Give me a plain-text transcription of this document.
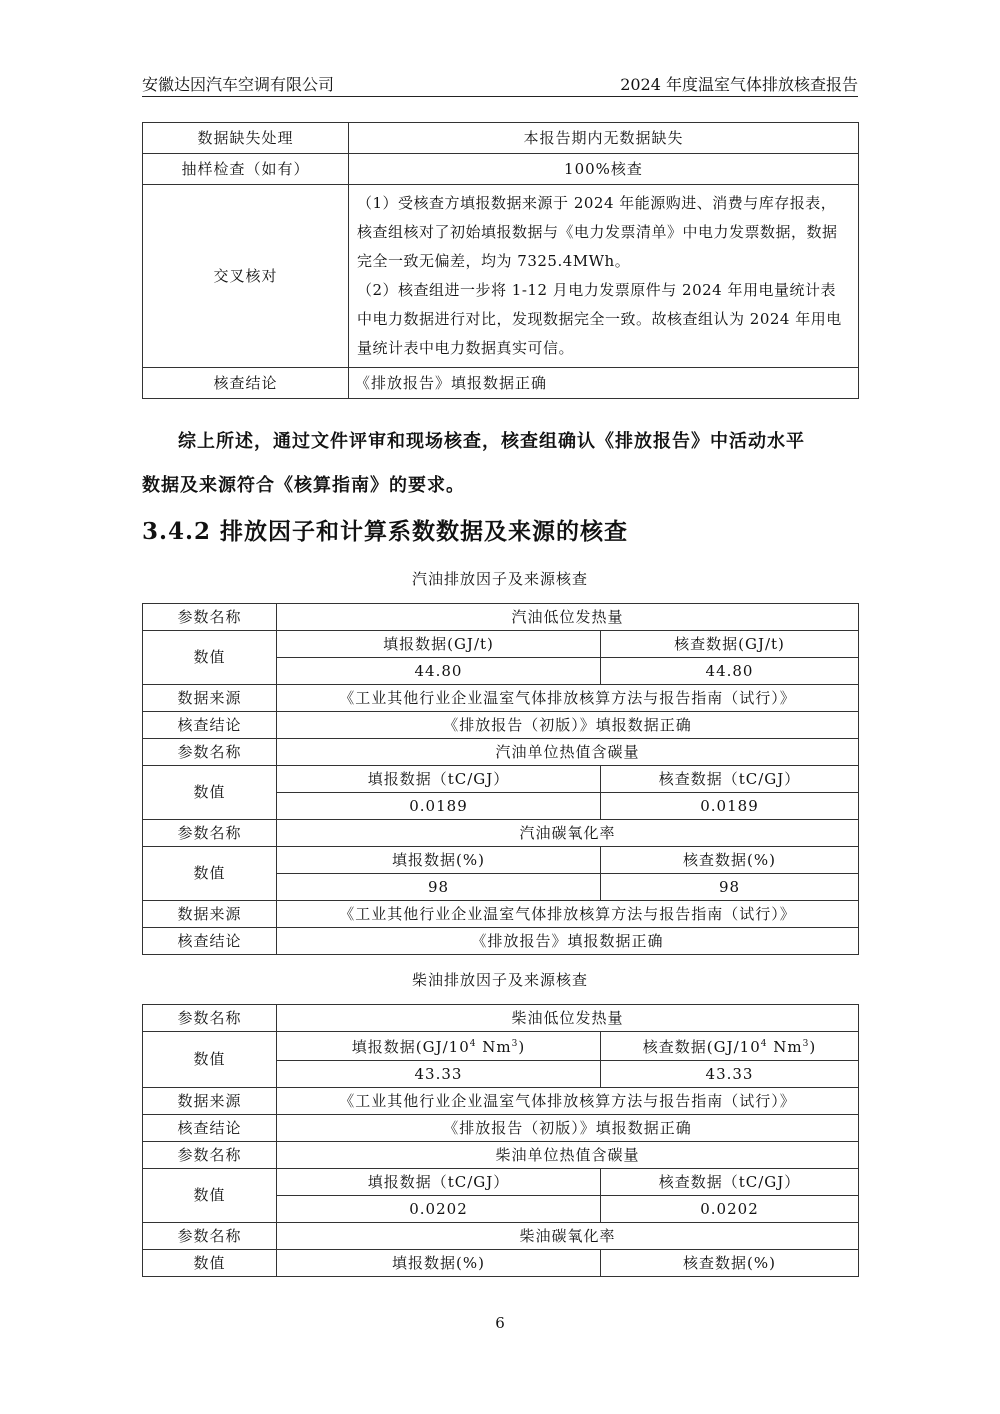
安徽达因汽车空调有限公司	2024 年度温室气体排放核查报告
数据缺失处理	本报告期内无数据缺失
抽样检查（如有）	100%核查
交叉核对	（1）受核查方填报数据来源于 2024 年能源购进、消费与库存报表，核查组核对了初始填报数据与《电力发票清单》中电力发票数据，数据完全一致无偏差，均为 7325.4MWh。
（2）核查组进一步将 1-12 月电力发票原件与 2024 年用电量统计表中电力数据进行对比，发现数据完全一致。故核查组认为 2024 年用电量统计表中电力数据真实可信。

核查结论	《排放报告》填报数据正确
综上所述，通过文件评审和现场核查，核查组确认《排放报告》中活动水平
数据及来源符合《核算指南》的要求。
3.4.2 排放因子和计算系数数据及来源的核查
汽油排放因子及来源核查
参数名称	汽油低位发热量	
数值	填报数据(GJ/t)	核查数据(GJ/t)
	44.80	44.80
数据来源	《工业其他行业企业温室气体排放核算方法与报告指南（试行）》	
核查结论	《排放报告（初版）》填报数据正确	
参数名称	汽油单位热值含碳量	
数值	填报数据（tC/GJ）	核查数据（tC/GJ）
	0.0189	0.0189
参数名称	汽油碳氧化率	
数值	填报数据(%)	核查数据(%)
	98	98
数据来源	《工业其他行业企业温室气体排放核算方法与报告指南（试行）》	
核查结论	《排放报告》填报数据正确	
柴油排放因子及来源核查
参数名称	柴油低位发热量	
数值	填报数据($GJ/10^4$ Nm$^3$)	核查数据($GJ/10^4$ Nm$^3$)
	43.33	43.33
数据来源	《工业其他行业企业温室气体排放核算方法与报告指南（试行）》	
核查结论	《排放报告（初版）》填报数据正确	
参数名称	柴油单位热值含碳量	
数值	填报数据（tC/GJ）	核查数据（tC/GJ）
	0.0202	0.0202
参数名称	柴油碳氧化率	
数值	填报数据(%)	核查数据(%)
6
